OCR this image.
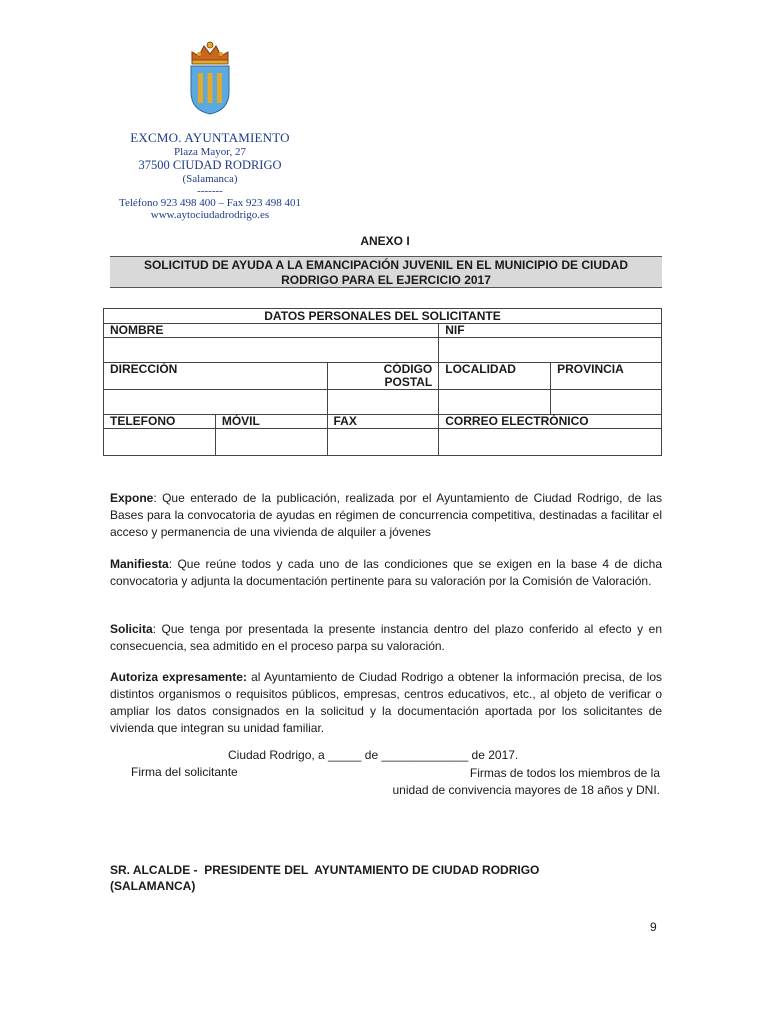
EXCMO. AYUNTAMIENTO
Plaza Mayor, 27
37500 CIUDAD RODRIGO
(Salamanca)
-------
Teléfono 923 498 400 – Fax 923 498 401
www.aytociudadrodrigo.es
ANEXO I
SOLICITUD DE AYUDA A LA EMANCIPACIÓN JUVENIL EN EL MUNICIPIO DE CIUDAD
RODRIGO PARA EL EJERCICIO 2017
DATOS PERSONALES DEL SOLICITANTE				
NOMBRE			NIF	

DIRECCIÓN		CÓDIGO POSTAL	LOCALIDAD	PROVINCIA

TELEFONO	MÓVIL	FAX	CORREO ELECTRÓNICO	

Expone: Que enterado de la publicación, realizada por el Ayuntamiento de Ciudad Rodrigo, de las Bases para la convocatoria de ayudas en régimen de concurrencia competitiva, destinadas a facilitar el acceso y permanencia de una vivienda de alquiler a jóvenes
Manifiesta: Que reúne todos y cada uno de las condiciones que se exigen en la base 4 de dicha convocatoria y adjunta la documentación pertinente para su valoración por la Comisión de Valoración.
Solicita: Que tenga por presentada la presente instancia dentro del plazo conferido al efecto y en consecuencia, sea admitido en el proceso parpa su valoración.
Autoriza expresamente: al Ayuntamiento de Ciudad Rodrigo a obtener la información precisa, de los distintos organismos o requisitos públicos, empresas, centros educativos, etc., al objeto de verificar o ampliar los datos consignados en la solicitud y la documentación aportada por los solicitantes de vivienda que integran su unidad familiar.
Ciudad Rodrigo, a _____ de _____________ de 2017.
Firma del solicitante	Firmas de todos los miembros de la
unidad de convivencia mayores de 18 años y DNI.
SR. ALCALDE -  PRESIDENTE DEL  AYUNTAMIENTO DE CIUDAD RODRIGO
(SALAMANCA)
9
